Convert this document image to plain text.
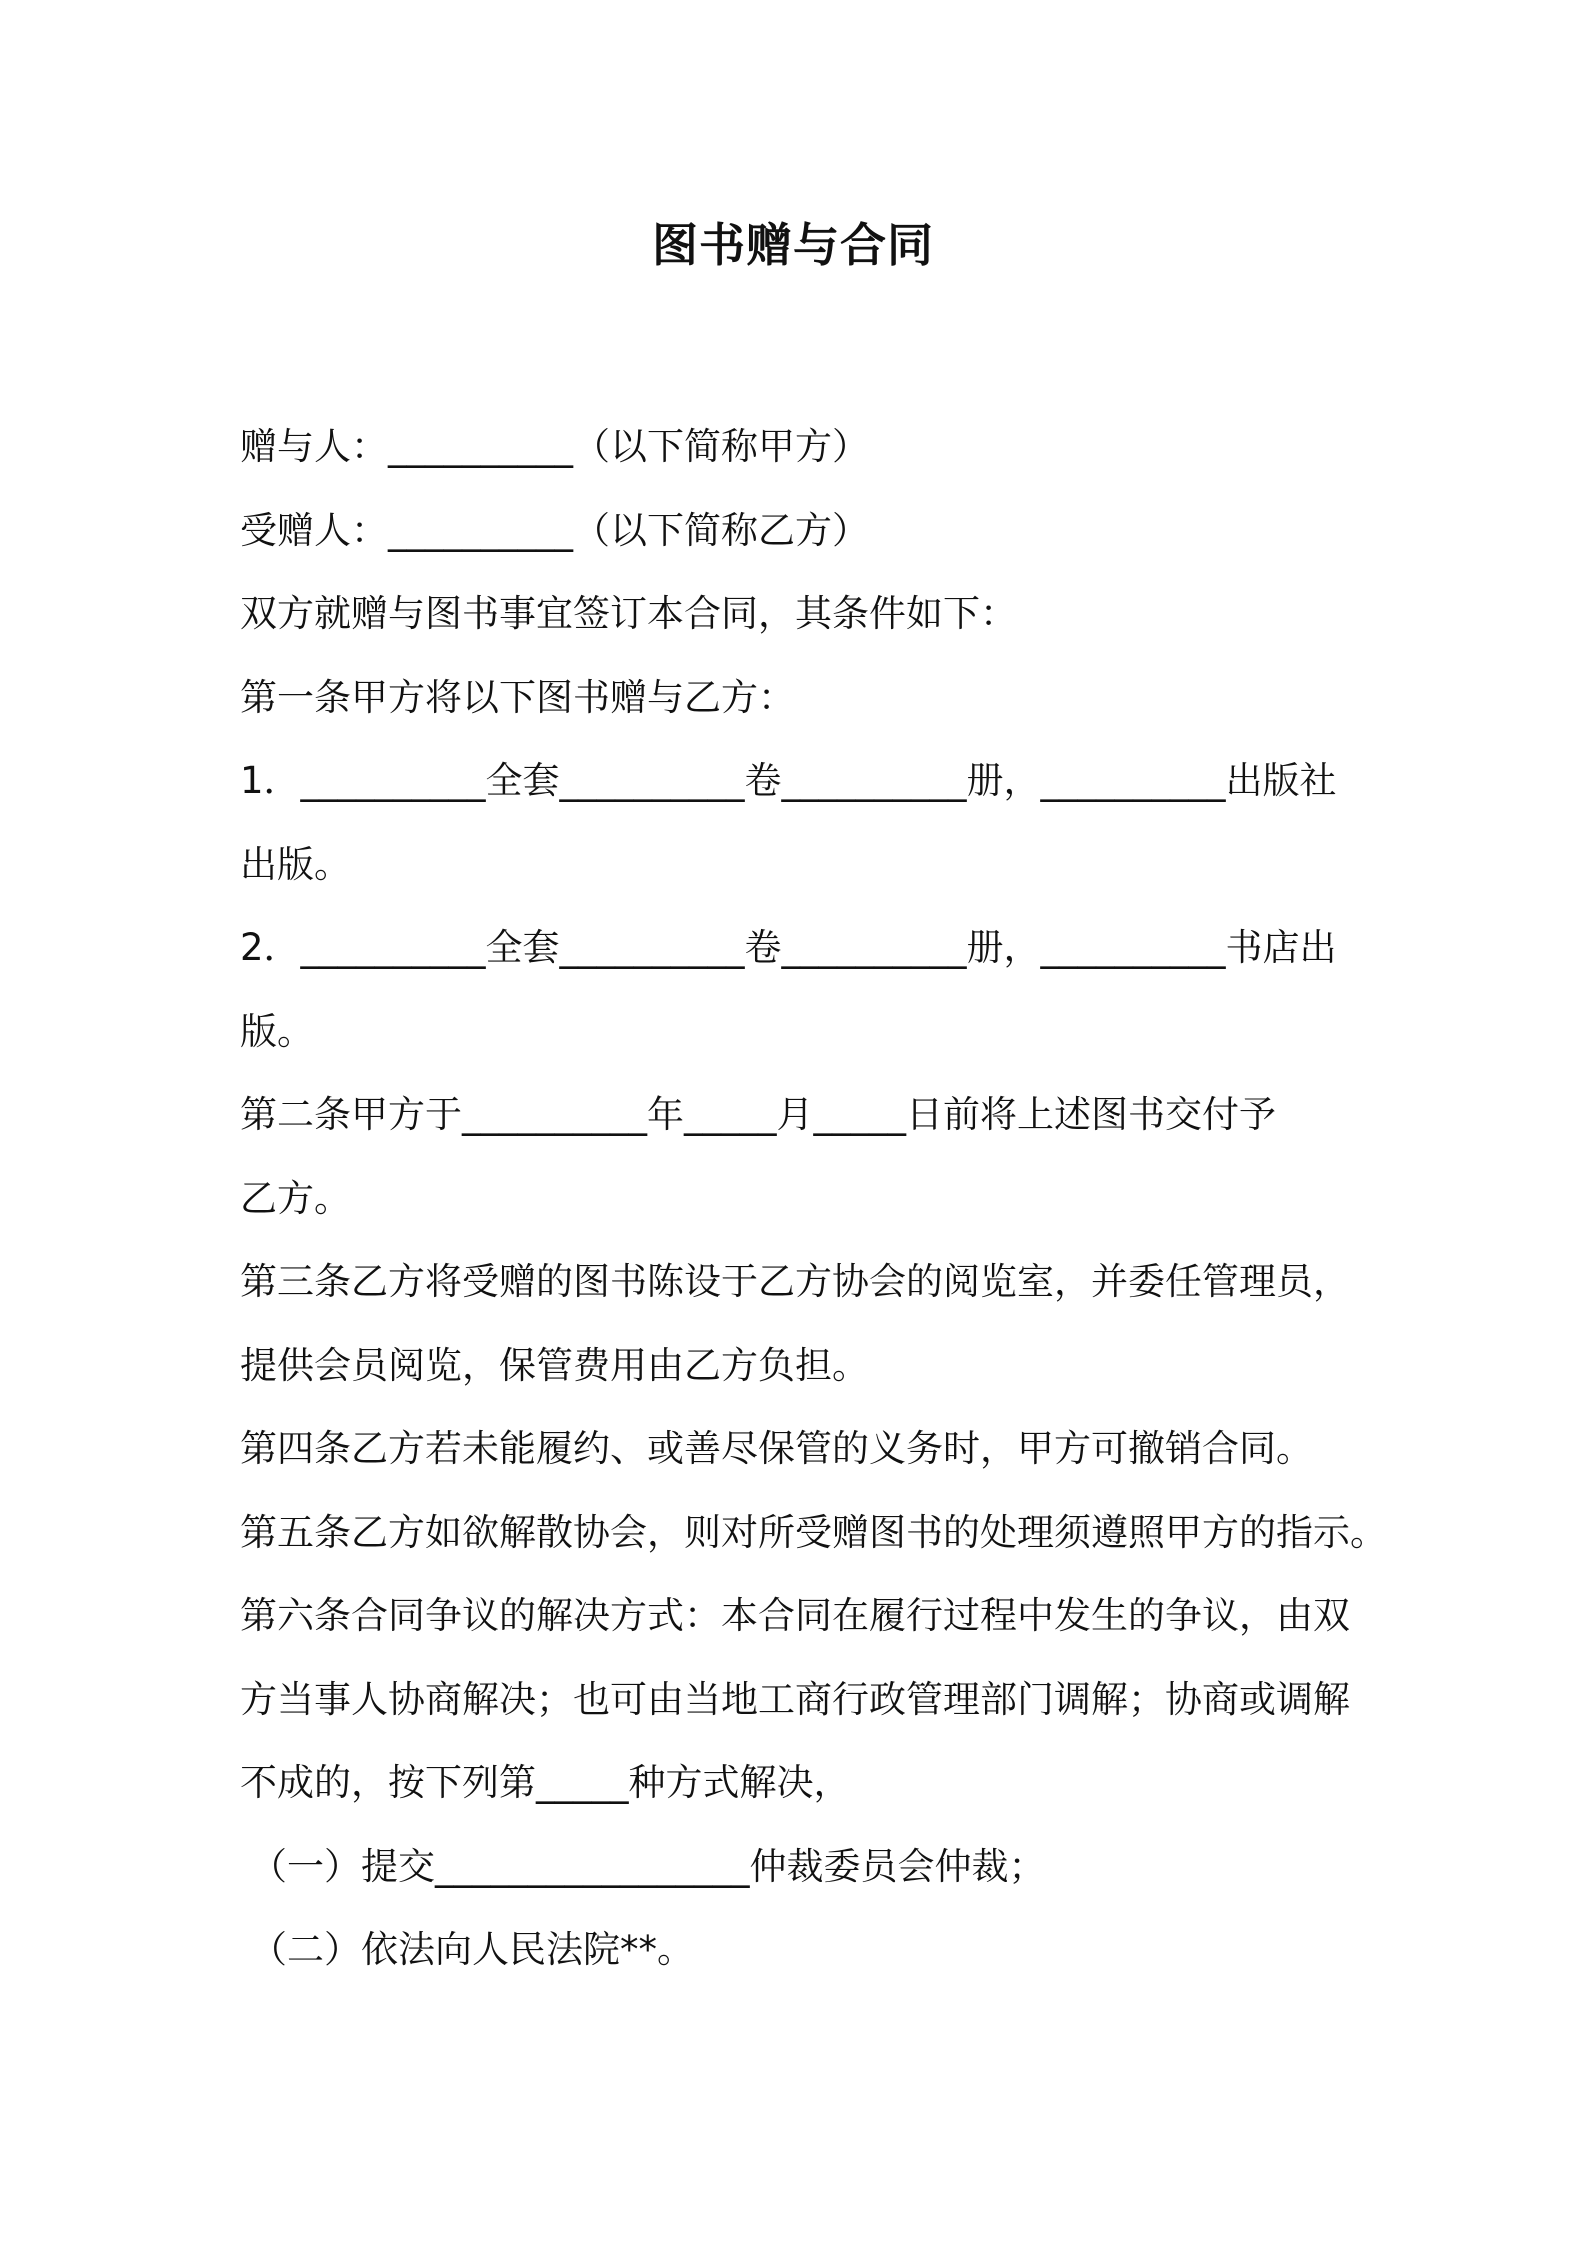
图书赠与合同
赠与人：__________（以下简称甲方）
受赠人：__________（以下简称乙方）
双方就赠与图书事宜签订本合同，其条件如下：
第一条甲方将以下图书赠与乙方：
1．__________全套__________卷__________册，__________出版社
出版。
2．__________全套__________卷__________册，__________书店出
版。
第二条甲方于__________年_____月_____日前将上述图书交付予
乙方。
第三条乙方将受赠的图书陈设于乙方协会的阅览室，并委任管理员，
提供会员阅览，保管费用由乙方负担。
第四条乙方若未能履约、或善尽保管的义务时，甲方可撤销合同。
第五条乙方如欲解散协会，则对所受赠图书的处理须遵照甲方的指示。
第六条合同争议的解决方式：本合同在履行过程中发生的争议，由双
方当事人协商解决；也可由当地工商行政管理部门调解；协商或调解
不成的，按下列第_____种方式解决，
（一）提交_________________仲裁委员会仲裁；
（二）依法向人民法院**。
